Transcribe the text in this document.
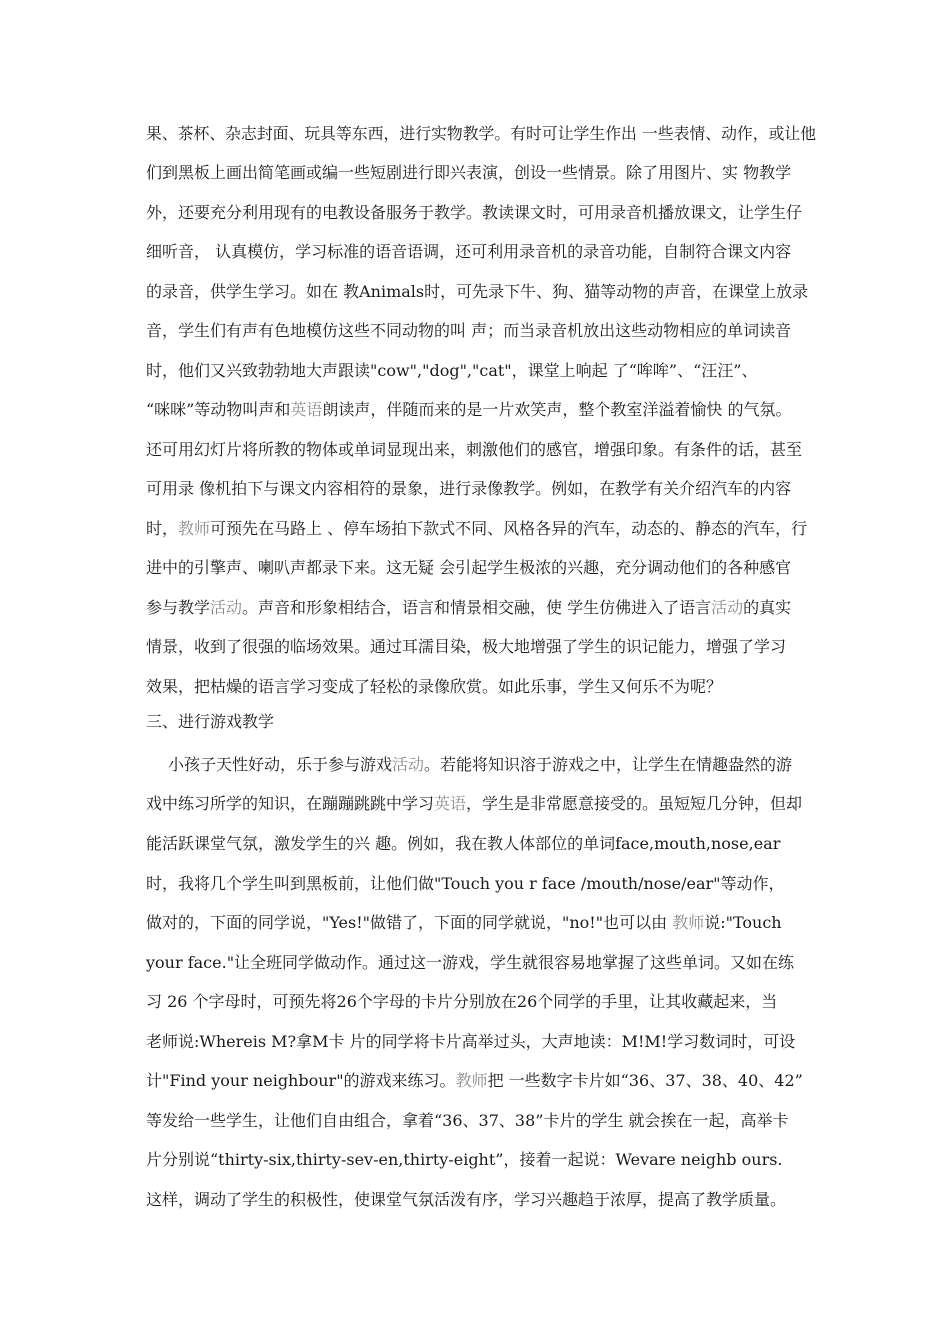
果、茶杯、杂志封面、玩具等东西，进行实物教学。有时可让学生作出 一些表情、动作，或让他
们到黑板上画出简笔画或编一些短剧进行即兴表演，创设一些情景。除了用图片、实 物教学
外，还要充分利用现有的电教设备服务于教学。教读课文时，可用录音机播放课文，让学生仔
细听音， 认真模仿，学习标准的语音语调，还可利用录音机的录音功能，自制符合课文内容
的录音，供学生学习。如在 教Animals时，可先录下牛、狗、猫等动物的声音，在课堂上放录
音，学生们有声有色地模仿这些不同动物的叫 声；而当录音机放出这些动物相应的单词读音
时，他们又兴致勃勃地大声跟读"cow","dog","cat"，课堂上响起 了“哞哞”、“汪汪”、
“咪咪”等动物叫声和英语朗读声，伴随而来的是一片欢笑声，整个教室洋溢着愉快 的气氛。
还可用幻灯片将所教的物体或单词显现出来，刺激他们的感官，增强印象。有条件的话，甚至
可用录 像机拍下与课文内容相符的景象，进行录像教学。例如，在教学有关介绍汽车的内容
时，教师可预先在马路上 、停车场拍下款式不同、风格各异的汽车，动态的、静态的汽车，行
进中的引擎声、喇叭声都录下来。这无疑 会引起学生极浓的兴趣，充分调动他们的各种感官
参与教学活动。声音和形象相结合，语言和情景相交融，使 学生仿佛进入了语言活动的真实
情景，收到了很强的临场效果。通过耳濡目染，极大地增强了学生的识记能力，增强了学习
效果，把枯燥的语言学习变成了轻松的录像欣赏。如此乐事，学生又何乐不为呢？
三、进行游戏教学
小孩子天性好动，乐于参与游戏活动。若能将知识溶于游戏之中，让学生在情趣盎然的游
戏中练习所学的知识，在蹦蹦跳跳中学习英语，学生是非常愿意接受的。虽短短几分钟，但却
能活跃课堂气氛，激发学生的兴 趣。例如，我在教人体部位的单词face,mouth,nose,ear
时，我将几个学生叫到黑板前，让他们做"Touch you r face /mouth/nose/ear"等动作，
做对的，下面的同学说，"Yes!"做错了，下面的同学就说，"no!"也可以由 教师说:"Touch
your face."让全班同学做动作。通过这一游戏，学生就很容易地掌握了这些单词。又如在练
习 26 个字母时，可预先将26个字母的卡片分别放在26个同学的手里，让其收藏起来，当
老师说:Whereis M?拿M卡 片的同学将卡片高举过头，大声地读：M!M!学习数词时，可设
计"Find your neighbour"的游戏来练习。教师把 一些数字卡片如“36、37、38、40、42”
等发给一些学生，让他们自由组合，拿着“36、37、38”卡片的学生 就会挨在一起，高举卡
片分别说“thirty-six,thirty-sev-en,thirty-eight”，接着一起说：Wevare neighb ours.
这样，调动了学生的积极性，使课堂气氛活泼有序，学习兴趣趋于浓厚，提高了教学质量。
